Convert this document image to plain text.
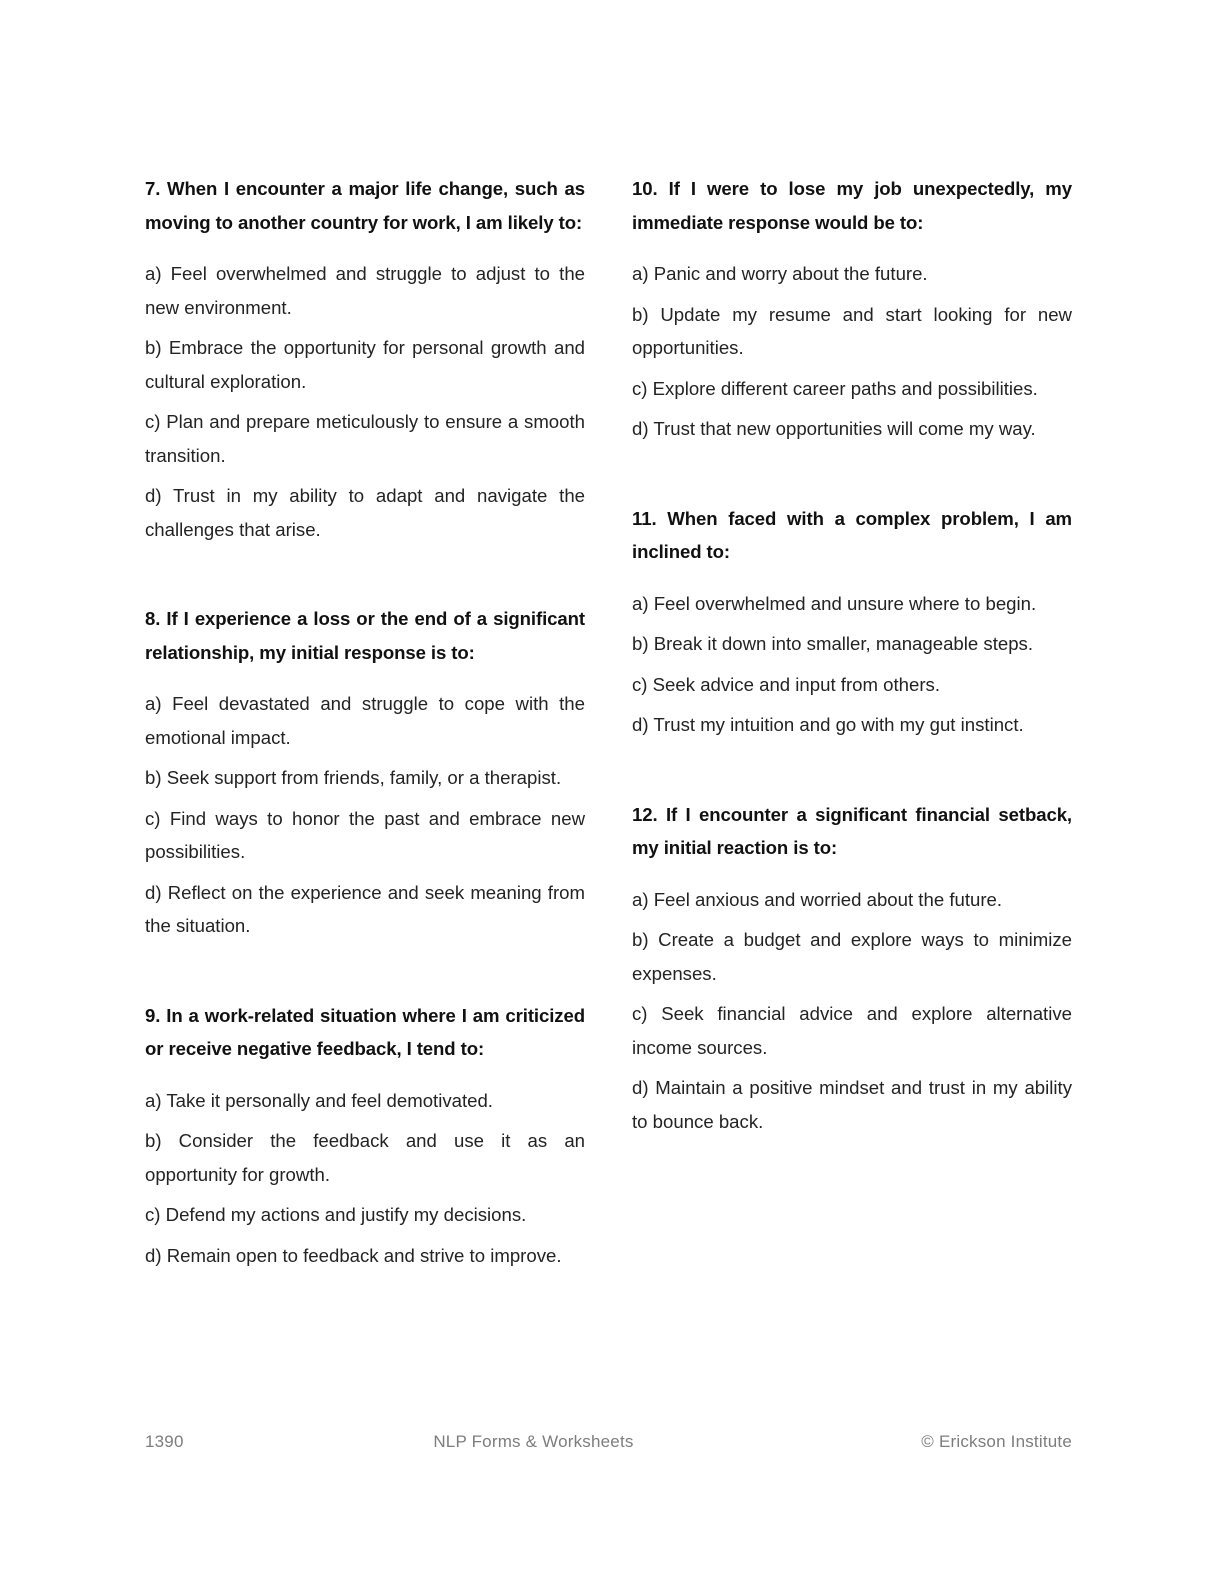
7. When I encounter a major life change, such as moving to another country for work, I am likely to:

a) Feel overwhelmed and struggle to adjust to the new environment.

b) Embrace the opportunity for personal growth and cultural exploration.

c) Plan and prepare meticulously to ensure a smooth transition.

d) Trust in my ability to adapt and navigate the challenges that arise.

8. If I experience a loss or the end of a significant relationship, my initial response is to:

a) Feel devastated and struggle to cope with the emotional impact.

b) Seek support from friends, family, or a therapist.

c) Find ways to honor the past and embrace new possibilities.

d) Reflect on the experience and seek meaning from the situation.

9. In a work-related situation where I am criticized or receive negative feedback, I tend to:

a) Take it personally and feel demotivated.

b) Consider the feedback and use it as an opportunity for growth.

c) Defend my actions and justify my decisions.

d) Remain open to feedback and strive to improve.

10. If I were to lose my job unexpectedly, my immediate response would be to:

a) Panic and worry about the future.

b) Update my resume and start looking for new opportunities.

c) Explore different career paths and possibilities.

d) Trust that new opportunities will come my way.

11. When faced with a complex problem, I am inclined to:

a) Feel overwhelmed and unsure where to begin.

b) Break it down into smaller, manageable steps.

c) Seek advice and input from others.

d) Trust my intuition and go with my gut instinct.

12. If I encounter a significant financial setback, my initial reaction is to:

a) Feel anxious and worried about the future.

b) Create a budget and explore ways to minimize expenses.

c) Seek financial advice and explore alternative income sources.

d) Maintain a positive mindset and trust in my ability to bounce back.

1390	NLP Forms & Worksheets	© Erickson Institute
